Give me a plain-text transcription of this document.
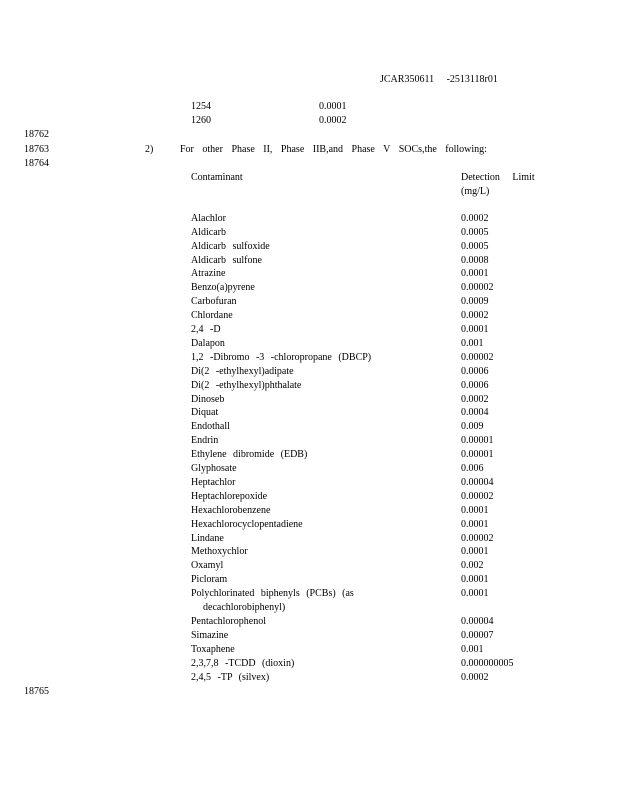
JCAR350611 -2513118r01
1254	0.0001
1260	0.0002
18762
18763
18764
18765
2)	For other Phase II, Phase IIB,and Phase V SOCs,the following:
Contaminant	Detection Limit
(mg/L)
Alachlor	0.0002
Aldicarb	0.0005
Aldicarb sulfoxide	0.0005
Aldicarb sulfone	0.0008
Atrazine	0.0001
Benzo(a)pyrene	0.00002
Carbofuran	0.0009
Chlordane	0.0002
2,4 -D	0.0001
Dalapon	0.001
1,2 -Dibromo -3 -chloropropane (DBCP)	0.00002
Di(2 -ethylhexyl)adipate	0.0006
Di(2 -ethylhexyl)phthalate	0.0006
Dinoseb	0.0002
Diquat	0.0004
Endothall	0.009
Endrin	0.00001
Ethylene dibromide (EDB)	0.00001
Glyphosate	0.006
Heptachlor	0.00004
Heptachlorepoxide	0.00002
Hexachlorobenzene	0.0001
Hexachlorocyclopentadiene	0.0001
Lindane	0.00002
Methoxychlor	0.0001
Oxamyl	0.002
Picloram	0.0001
Polychlorinated biphenyls (PCBs) (as	0.0001
decachlorobiphenyl)
Pentachlorophenol	0.00004
Simazine	0.00007
Toxaphene	0.001
2,3,7,8 -TCDD (dioxin)	0.000000005
2,4,5 -TP (silvex)	0.0002
